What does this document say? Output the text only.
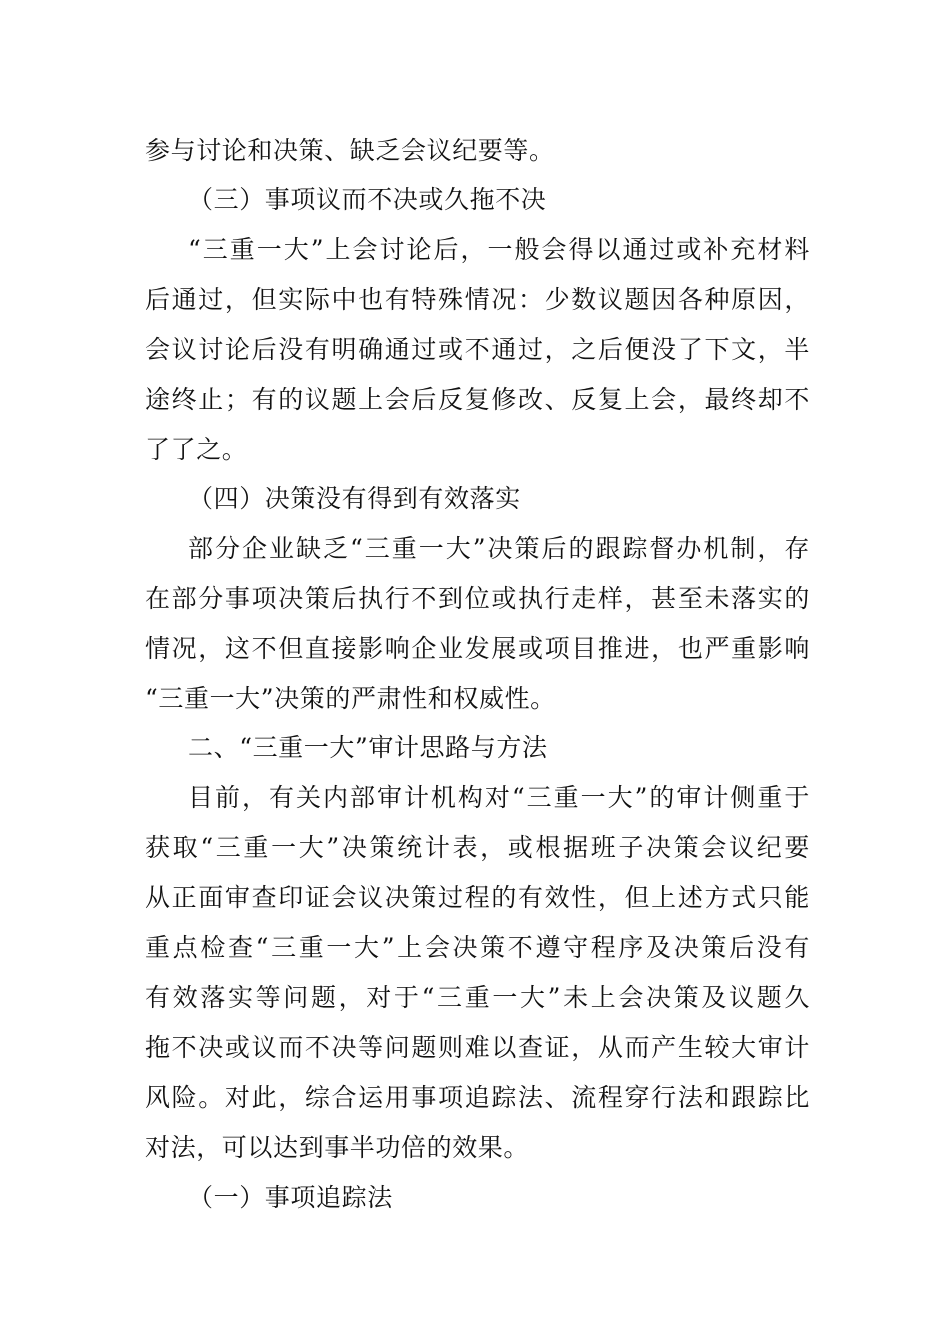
参与讨论和决策、缺乏会议纪要等。
（三）事项议而不决或久拖不决
“三重一大”上会讨论后，一般会得以通过或补充材料
后通过，但实际中也有特殊情况：少数议题因各种原因，
会议讨论后没有明确通过或不通过，之后便没了下文，半
途终止；有的议题上会后反复修改、反复上会，最终却不
了了之。
（四）决策没有得到有效落实
部分企业缺乏“三重一大”决策后的跟踪督办机制，存
在部分事项决策后执行不到位或执行走样，甚至未落实的
情况，这不但直接影响企业发展或项目推进，也严重影响
“三重一大”决策的严肃性和权威性。
二、“三重一大”审计思路与方法
目前，有关内部审计机构对“三重一大”的审计侧重于
获取“三重一大”决策统计表，或根据班子决策会议纪要
从正面审查印证会议决策过程的有效性，但上述方式只能
重点检查“三重一大”上会决策不遵守程序及决策后没有
有效落实等问题，对于“三重一大”未上会决策及议题久
拖不决或议而不决等问题则难以查证，从而产生较大审计
风险。对此，综合运用事项追踪法、流程穿行法和跟踪比
对法，可以达到事半功倍的效果。
（一）事项追踪法
